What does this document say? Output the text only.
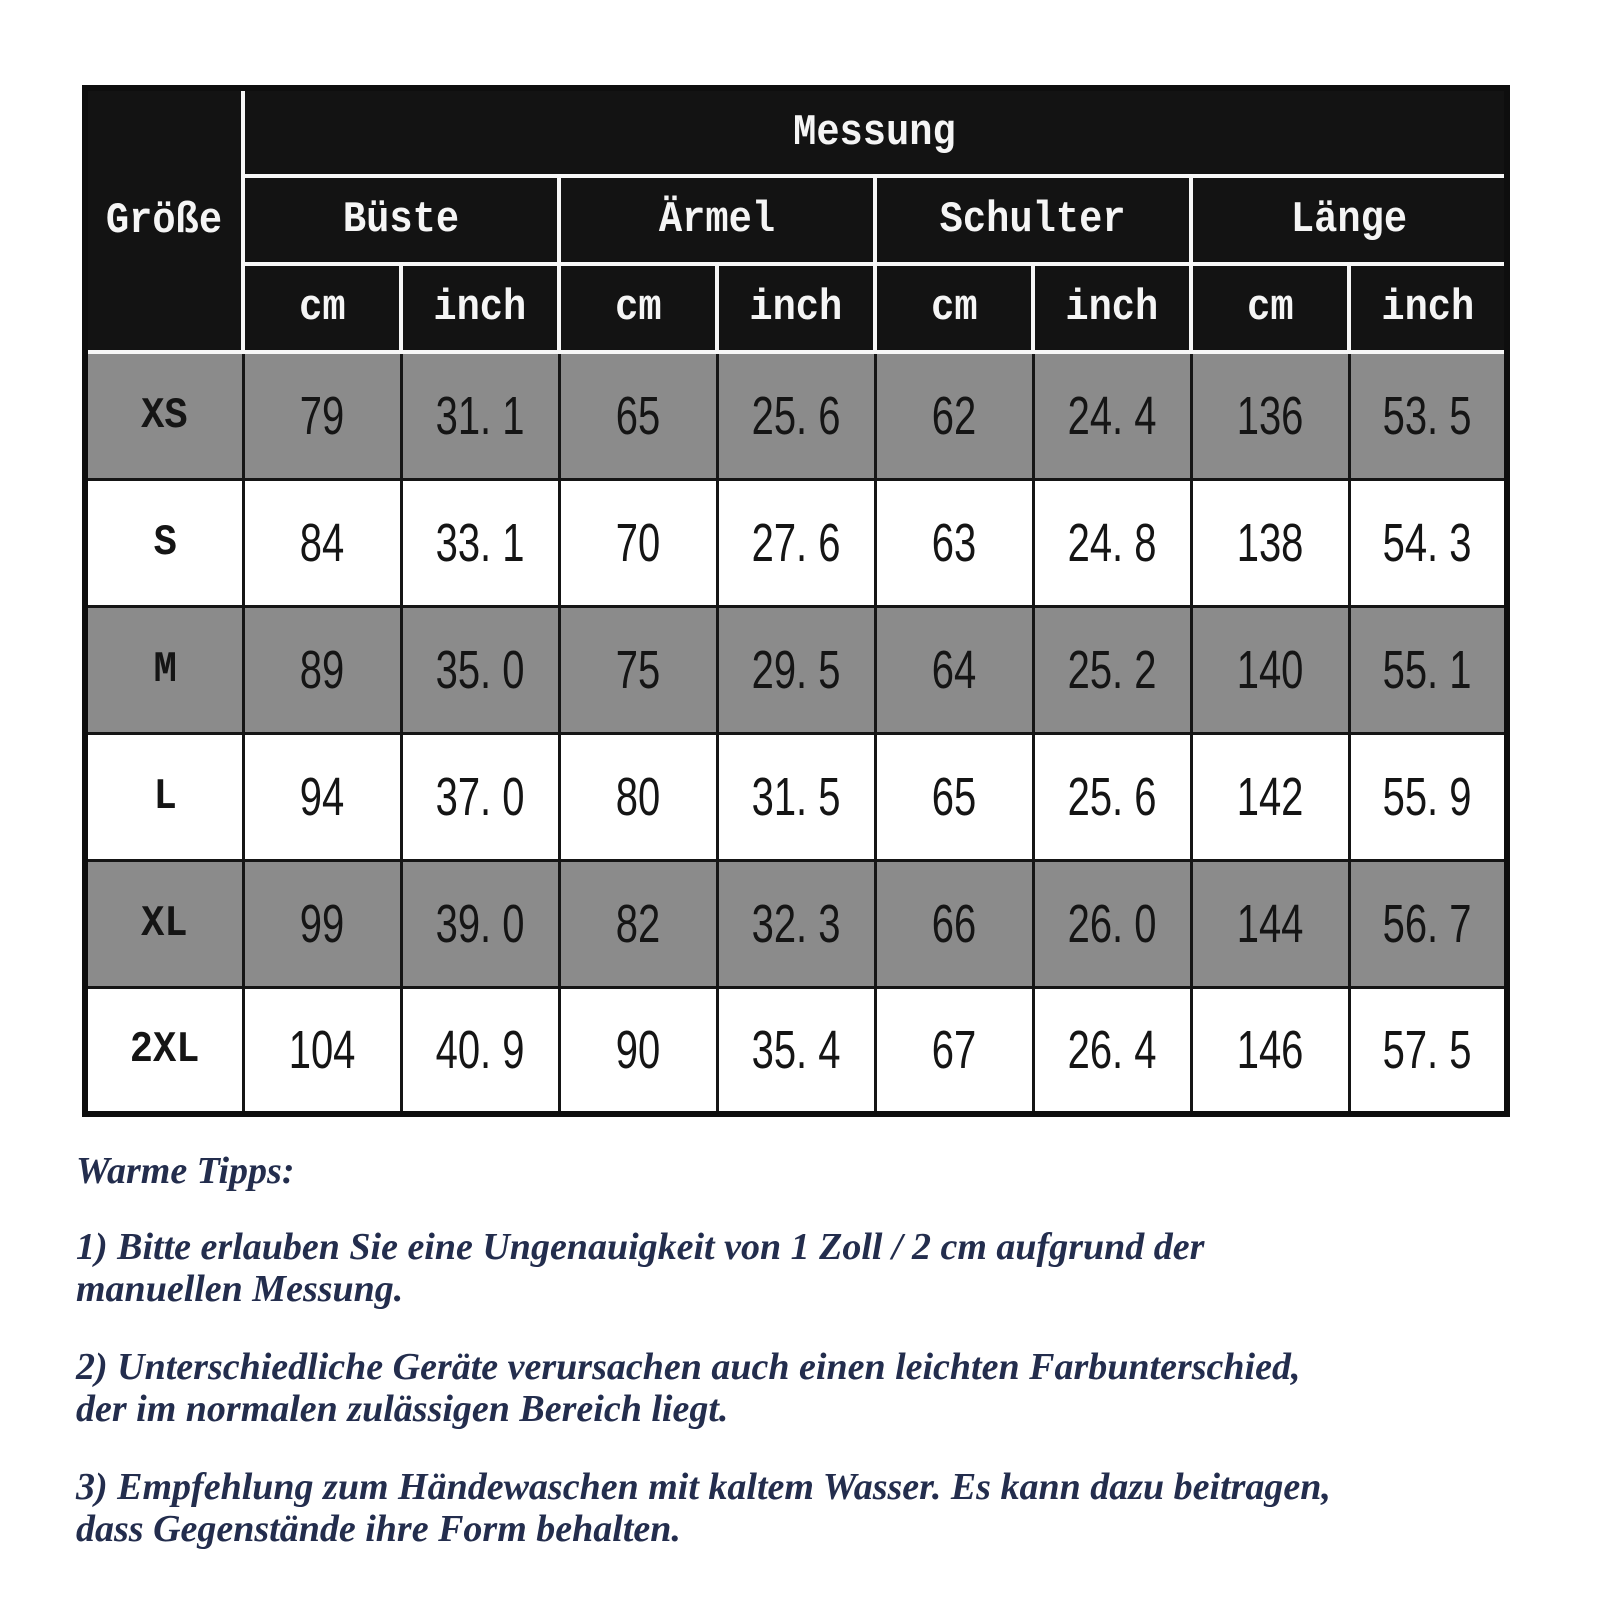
Größe	Messung							
	Büste		Ärmel		Schulter		Länge	
	cm	inch	cm	inch	cm	inch	cm	inch
XS	79	31. 1	65	25. 6	62	24. 4	136	53. 5
S	84	33. 1	70	27. 6	63	24. 8	138	54. 3
M	89	35. 0	75	29. 5	64	25. 2	140	55. 1
L	94	37. 0	80	31. 5	65	25. 6	142	55. 9
XL	99	39. 0	82	32. 3	66	26. 0	144	56. 7
2XL	104	40. 9	90	35. 4	67	26. 4	146	57. 5

Warme Tipps:

1) Bitte erlauben Sie eine Ungenauigkeit von 1 Zoll / 2 cm aufgrund der
manuellen Messung.

2) Unterschiedliche Geräte verursachen auch einen leichten Farbunterschied,
der im normalen zulässigen Bereich liegt.

3) Empfehlung zum Händewaschen mit kaltem Wasser. Es kann dazu beitragen,
dass Gegenstände ihre Form behalten.
